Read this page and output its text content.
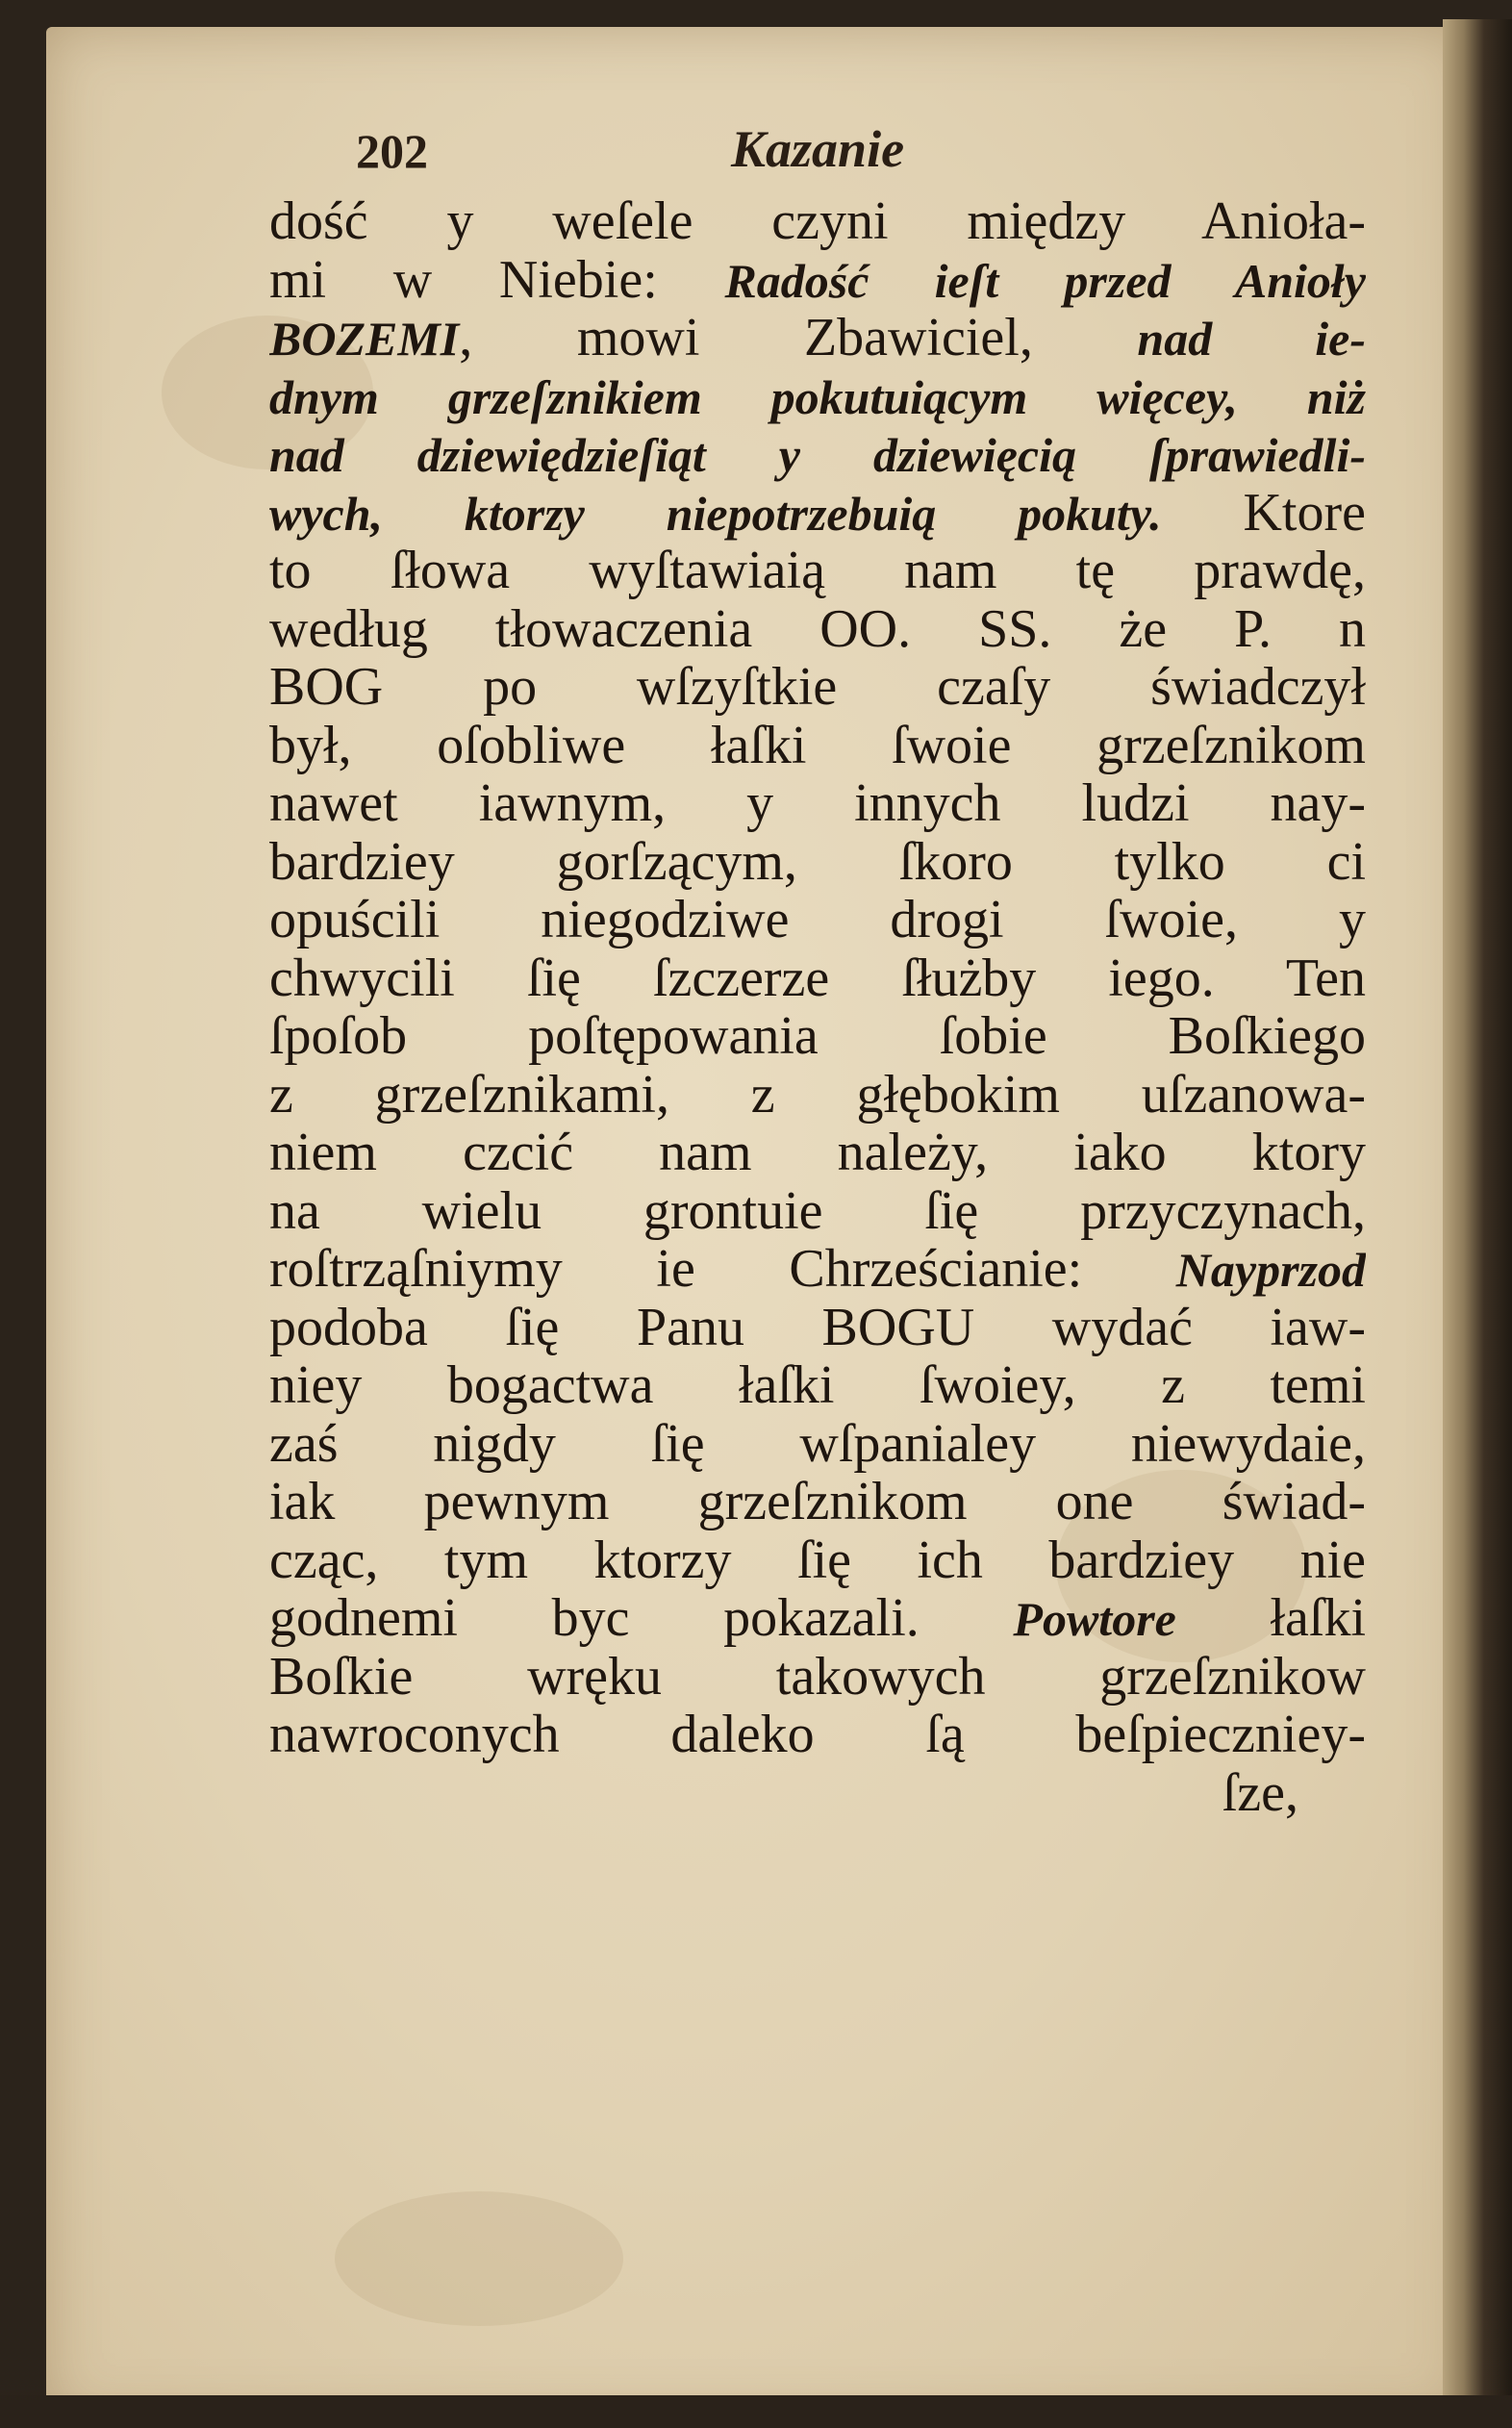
202	Kazanie
dość y weſele czyni między Anioła-
mi w Niebie: Radość ieſt przed Anioły
BOZEMI, mowi Zbawiciel, nad ie-
dnym grzeſznikiem pokutuiącym więcey, niż
nad dziewiędzieſiąt y dziewięcią ſprawiedli-
wych, ktorzy niepotrzebuią pokuty. Ktore
to ſłowa wyſtawiaią nam tę prawdę,
według tłowaczenia OO. SS. że P. n
BOG po wſzyſtkie czaſy świadczył
był, oſobliwe łaſki ſwoie grzeſznikom
nawet iawnym, y innych ludzi nay-
bardziey gorſzącym, ſkoro tylko ci
opuścili niegodziwe drogi ſwoie, y
chwycili ſię ſzczerze ſłużby iego. Ten
ſpoſob poſtępowania ſobie Boſkiego
z grzeſznikami, z głębokim uſzanowa-
niem czcić nam należy, iako ktory
na wielu grontuie ſię przyczynach,
roſtrząſniymy ie Chrześcianie: Nayprzod
podoba ſię Panu BOGU wydać iaw-
niey bogactwa łaſki ſwoiey, z temi
zaś nigdy ſię wſpanialey niewydaie,
iak pewnym grzeſznikom one świad-
cząc, tym ktorzy ſię ich bardziey nie
godnemi byc pokazali. Powtore łaſki
Boſkie wręku takowych grzeſznikow
nawroconych daleko ſą beſpieczniey-
ſze,
